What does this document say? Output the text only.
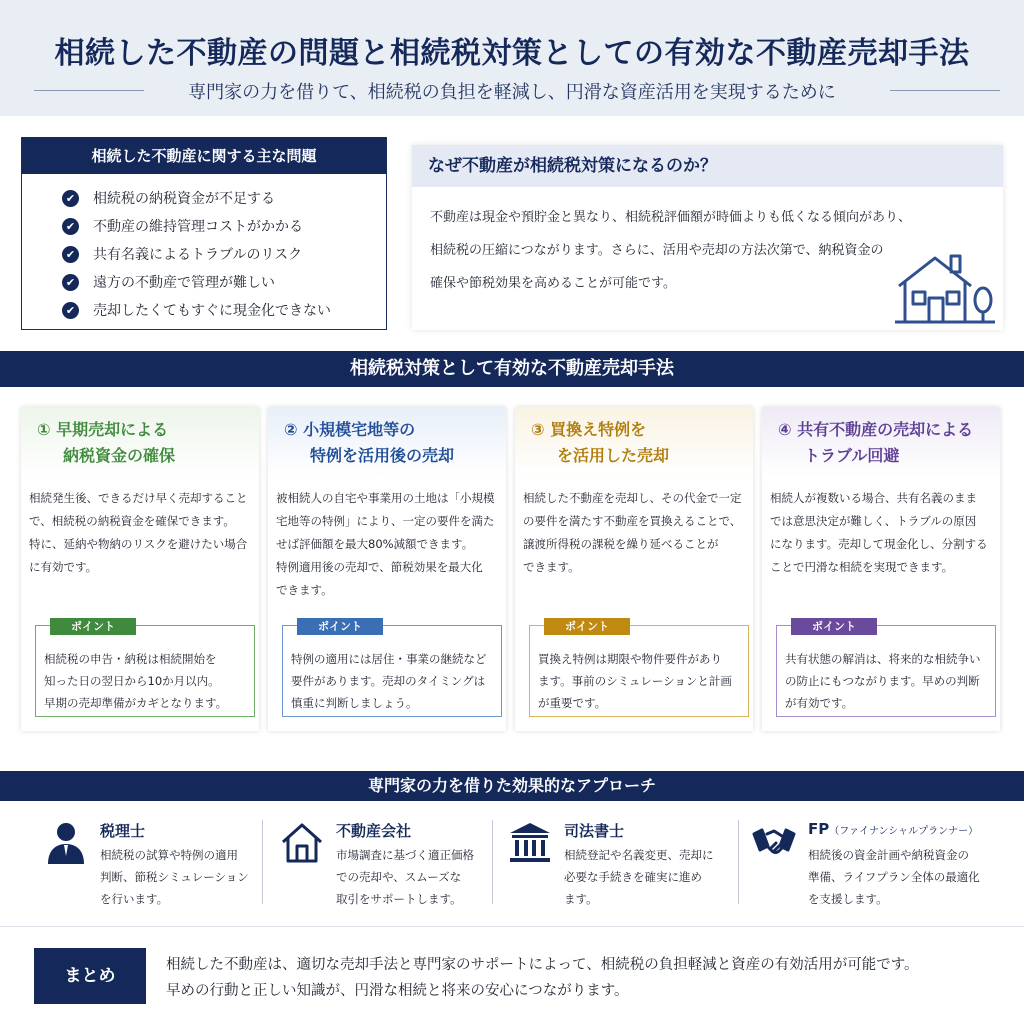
相続した不動産の問題と相続税対策としての有効な不動産売却手法
専門家の力を借りて、相続税の負担を軽減し、円滑な資産活用を実現するために
相続した不動産に関する主な問題
✔ 相続税の納税資金が不足する
✔ 不動産の維持管理コストがかかる
✔ 共有名義によるトラブルのリスク
✔ 遠方の不動産で管理が難しい
✔ 売却したくてもすぐに現金化できない
なぜ不動産が相続税対策になるのか？
不動産は現金や預貯金と異なり、相続税評価額が時価よりも低くなる傾向があり、
相続税の圧縮につながります。さらに、活用や売却の方法次第で、納税資金の
確保や節税効果を高めることが可能です。
相続税対策として有効な不動産売却手法
① 早期売却による
納税資金の確保
相続発生後、できるだけ早く売却すること
で、相続税の納税資金を確保できます。
特に、延納や物納のリスクを避けたい場合
に有効です。
ポイント
相続税の申告・納税は相続開始を
知った日の翌日から10か月以内。
早期の売却準備がカギとなります。
② 小規模宅地等の
特例を活用後の売却
被相続人の自宅や事業用の土地は「小規模
宅地等の特例」により、一定の要件を満た
せば評価額を最大80%減額できます。
特例適用後の売却で、節税効果を最大化
できます。
ポイント
特例の適用には居住・事業の継続など
要件があります。売却のタイミングは
慎重に判断しましょう。
③ 買換え特例を
を活用した売却
相続した不動産を売却し、その代金で一定
の要件を満たす不動産を買換えることで、
譲渡所得税の課税を繰り延べることが
できます。
ポイント
買換え特例は期限や物件要件があり
ます。事前のシミュレーションと計画
が重要です。
④ 共有不動産の売却による
トラブル回避
相続人が複数いる場合、共有名義のまま
では意思決定が難しく、トラブルの原因
になります。売却して現金化し、分割する
ことで円滑な相続を実現できます。
ポイント
共有状態の解消は、将来的な相続争い
の防止にもつながります。早めの判断
が有効です。
専門家の力を借りた効果的なアプローチ
税理士
相続税の試算や特例の適用
判断、節税シミュレーション
を行います。
不動産会社
市場調査に基づく適正価格
での売却や、スムーズな
取引をサポートします。
司法書士
相続登記や名義変更、売却に
必要な手続きを確実に進め
ます。
FP（ファイナンシャルプランナー）
相続後の資金計画や納税資金の
準備、ライフプラン全体の最適化
を支援します。
まとめ
相続した不動産は、適切な売却手法と専門家のサポートによって、相続税の負担軽減と資産の有効活用が可能です。
早めの行動と正しい知識が、円滑な相続と将来の安心につながります。
